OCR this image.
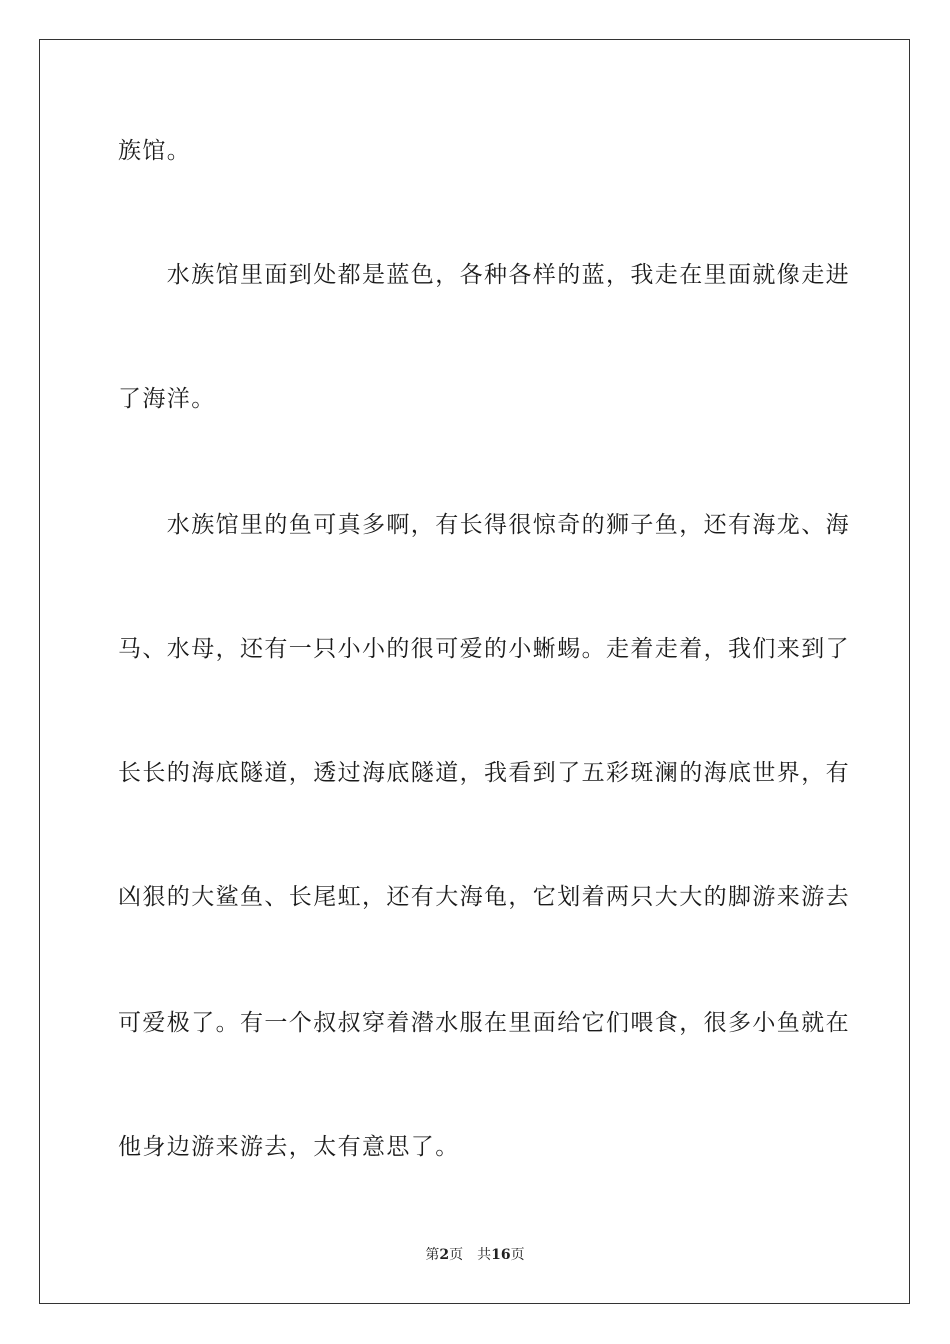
族馆。
　　水族馆里面到处都是蓝色，各种各样的蓝，我走在里面就像走进
了海洋。
　　水族馆里的鱼可真多啊，有长得很惊奇的狮子鱼，还有海龙、海
马、水母，还有一只小小的很可爱的小蜥蜴。走着走着，我们来到了
长长的海底隧道，透过海底隧道，我看到了五彩斑澜的海底世界，有
凶狠的大鲨鱼、长尾虹，还有大海龟，它划着两只大大的脚游来游去
可爱极了。有一个叔叔穿着潜水服在里面给它们喂食，很多小鱼就在
他身边游来游去，太有意思了。
第2页 共16页
